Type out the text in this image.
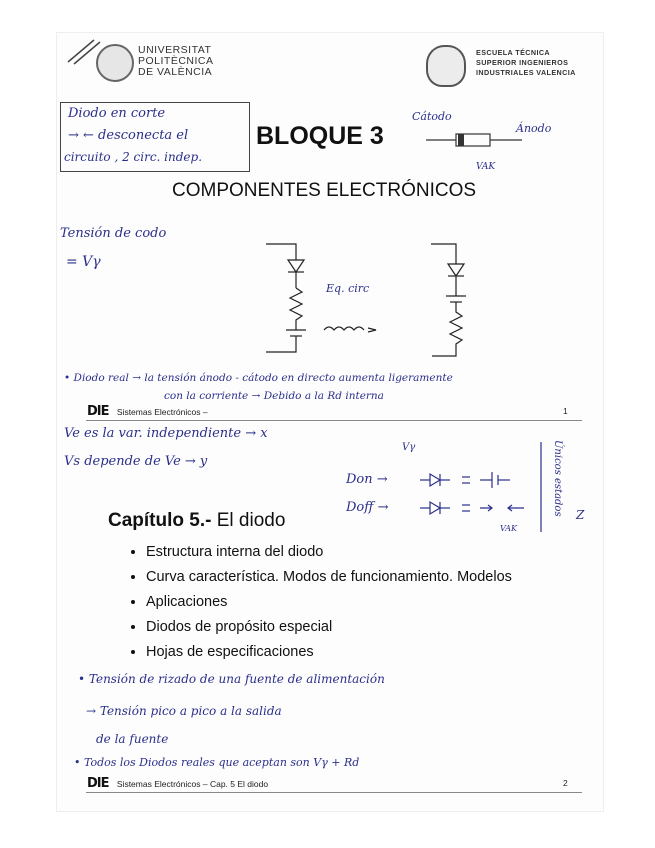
UNIVERSITAT
POLITÈCNICA
DE VALÈNCIA
ESCUELA TÉCNICA
SUPERIOR INGENIEROS
INDUSTRIALES VALENCIA
Diodo en corte
→ ← desconecta el
circuito , 2 circ. indep.
BLOQUE 3
Cátodo
Ánodo
VAK
COMPONENTES ELECTRÓNICOS
Tensión de codo
= Vγ
Eq. circ
• Diodo real → la tensión ánodo - cátodo en directo aumenta ligeramente
con la corriente → Debido a la Rd interna
DIE Sistemas Electrónicos –	1
Ve es la var. independiente → x
Vs depende de Ve → y
Vγ
Don →
Doff →
VAK
Únicos estados Z
Capítulo 5.- El diodo
• Estructura interna del diodo
• Curva característica. Modos de funcionamiento. Modelos
• Aplicaciones
• Diodos de propósito especial
• Hojas de especificaciones
• Tensión de rizado de una fuente de alimentación
→ Tensión pico a pico a la salida
de la fuente
• Todos los Diodos reales que aceptan son Vγ + Rd
DIE Sistemas Electrónicos – Cap. 5 El diodo	2
